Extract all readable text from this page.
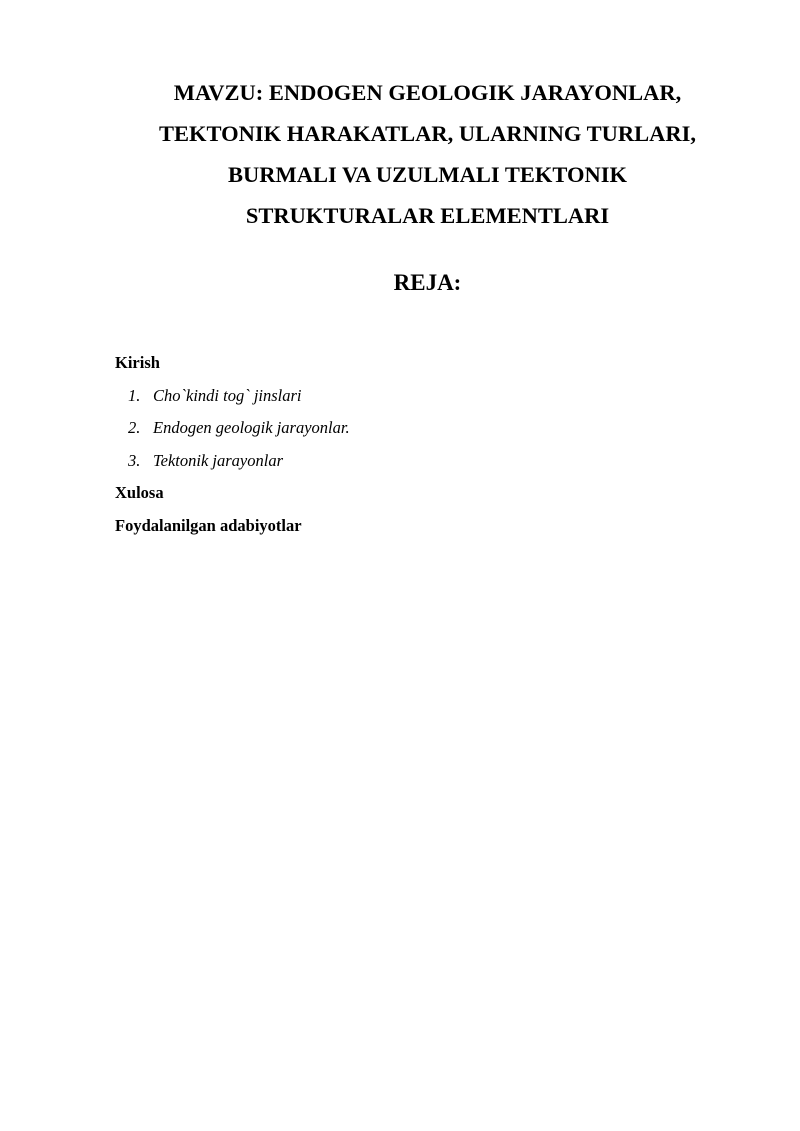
MAVZU: ENDOGEN GEOLOGIK JARAYONLAR,
TEKTONIK HARAKATLAR, ULARNING TURLARI,
BURMALI VA UZULMALI TEKTONIK
STRUKTURALAR ELEMENTLARI
REJA:
Kirish
1. Cho`kindi tog` jinslari
2. Endogen geologik jarayonlar.
3. Tektonik jarayonlar
Xulosa
Foydalanilgan adabiyotlar
